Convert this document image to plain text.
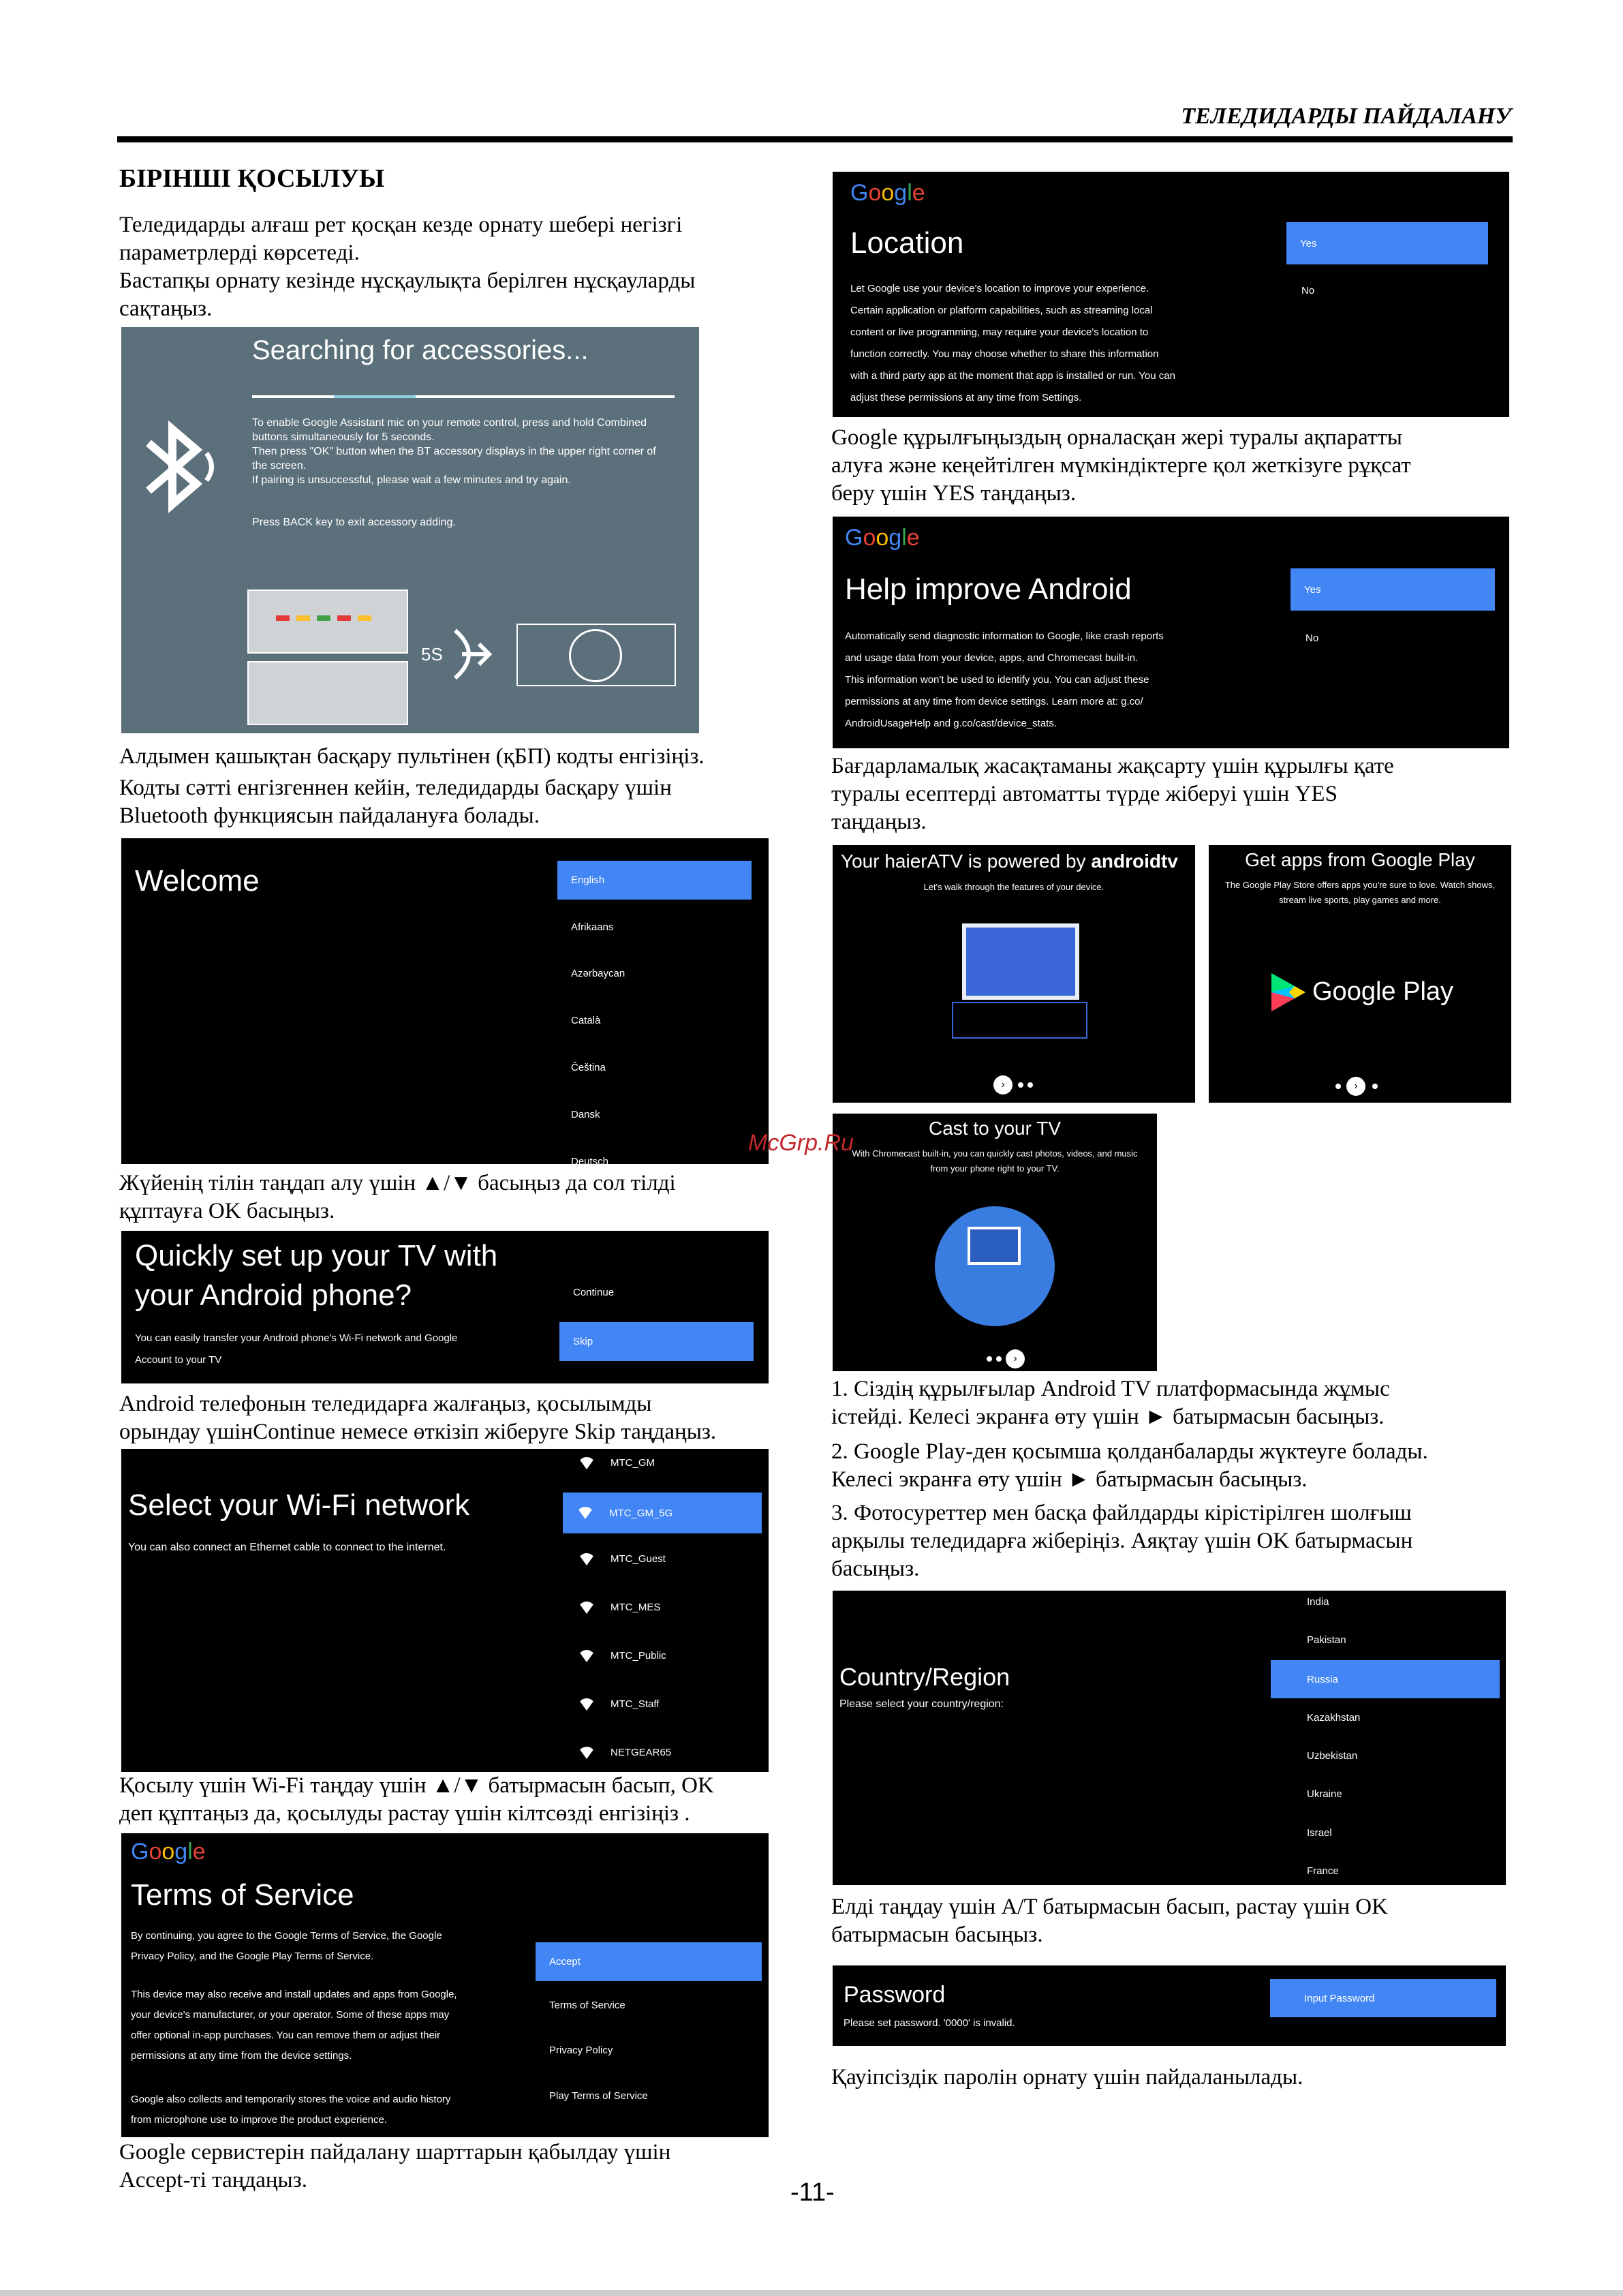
ТЕЛЕДИДАРДЫ ПАЙДАЛАНУ
БІРІНШІ ҚОСЫЛУЫ
Теледидарды алғаш рет қосқан кезде орнату шебері негізгі
параметрлерді көрсетеді.
Бастапқы орнату кезінде нұсқаулықта берілген нұсқауларды
сақтаңыз.
Searching for accessories...
To enable Google Assistant mic on your remote control, press and hold Combined
buttons simultaneously for 5 seconds.
Then press "OK" button when the BT accessory displays in the upper right corner of
the screen.
If pairing is unsuccessful, please wait a few minutes and try again.
Press BACK key to exit accessory adding.
5S
Алдымен қашықтан басқару пультінен (қБП) кодты енгізіңіз.
Кодты сәтті енгізгеннен кейін, теледидарды басқару үшін
Bluetooth функциясын пайдалануға болады.
Welcome	English
Afrikaans
Azərbaycan
Català
Čeština
Dansk
Deutsch
Жүйенің тілін таңдап алу үшін ▲/▼ басыңыз да сол тілді
құптауға OK басыңыз.
Quickly set up your TV with
your Android phone?
You can easily transfer your Android phone's Wi-Fi network and Google
Account to your TV
Continue
Skip
Android телефонын теледидарға жалғаңыз, қосылымды
орындау үшінContinue немесе өткізіп жіберуге Skip таңдаңыз.
Select your Wi-Fi network
You can also connect an Ethernet cable to connect to the internet.
MTC_GM
MTC_GM_5G
MTC_Guest
MTC_MES
MTC_Public
MTC_Staff
NETGEAR65
Қосылу үшін Wi-Fi таңдау үшін ▲/▼ батырмасын басып, OK
деп құптаңыз да, қосылуды растау үшін кілтсөзді енгізіңіз .
Google
Terms of Service
By continuing, you agree to the Google Terms of Service, the Google
Privacy Policy, and the Google Play Terms of Service.
This device may also receive and install updates and apps from Google,
your device's manufacturer, or your operator. Some of these apps may
offer optional in-app purchases. You can remove them or adjust their
permissions at any time from the device settings.
Google also collects and temporarily stores the voice and audio history
from microphone use to improve the product experience.
Accept
Terms of Service
Privacy Policy
Play Terms of Service
Google сервистерін пайдалану шарттарын қабылдау үшін
Accept-ті таңдаңыз.
Google
Location
Let Google use your device's location to improve your experience.
Certain application or platform capabilities, such as streaming local
content or live programming, may require your device's location to
function correctly. You may choose whether to share this information
with a third party app at the moment that app is installed or run. You can
adjust these permissions at any time from Settings.
Yes
No
Google құрылғыңыздың орналасқан жері туралы ақпаратты
алуға және кеңейтілген мүмкіндіктерге қол жеткізуге рұқсат
беру үшін YES таңдаңыз.
Google
Help improve Android
Automatically send diagnostic information to Google, like crash reports
and usage data from your device, apps, and Chromecast built-in.
This information won't be used to identify you. You can adjust these
permissions at any time from device settings. Learn more at: g.co/
AndroidUsageHelp and g.co/cast/device_stats.
Yes
No
Бағдарламалық жасақтаманы жақсарту үшін құрылғы қате
туралы есептерді автоматты түрде жіберуі үшін YES
таңдаңыз.
Your haierATV is powered by androidtv
Let's walk through the features of your device.
›
Get apps from Google Play
The Google Play Store offers apps you're sure to love. Watch shows,
stream live sports, play games and more.
Google Play
›
Cast to your TV
With Chromecast built-in, you can quickly cast photos, videos, and music
from your phone right to your TV.
›
1. Сіздің құрылғылар Android TV платформасында жұмыс
істейді. Келесі экранға өту үшін ► батырмасын басыңыз.
2. Google Play-ден қосымша қолданбаларды жүктеугe болады.
Келесі экранға өту үшін ► батырмасын басыңыз.
3. Фотосуреттер мен басқа файлдарды кірістірілген шолғыш
арқылы теледидарға жіберіңіз. Аяқтау үшін OK батырмасын
басыңыз.
Country/Region
Please select your country/region:
India
Pakistan
Russia
Kazakhstan
Uzbekistan
Ukraine
Israel
France
Елді таңдау үшін A/T батырмасын басып, растау үшін OK
батырмасын басыңыз.
Password
Please set password. '0000' is invalid.
Input Password
Қауіпсіздік паролін орнату үшін пайдаланылады.
McGrp.Ru
-11-
